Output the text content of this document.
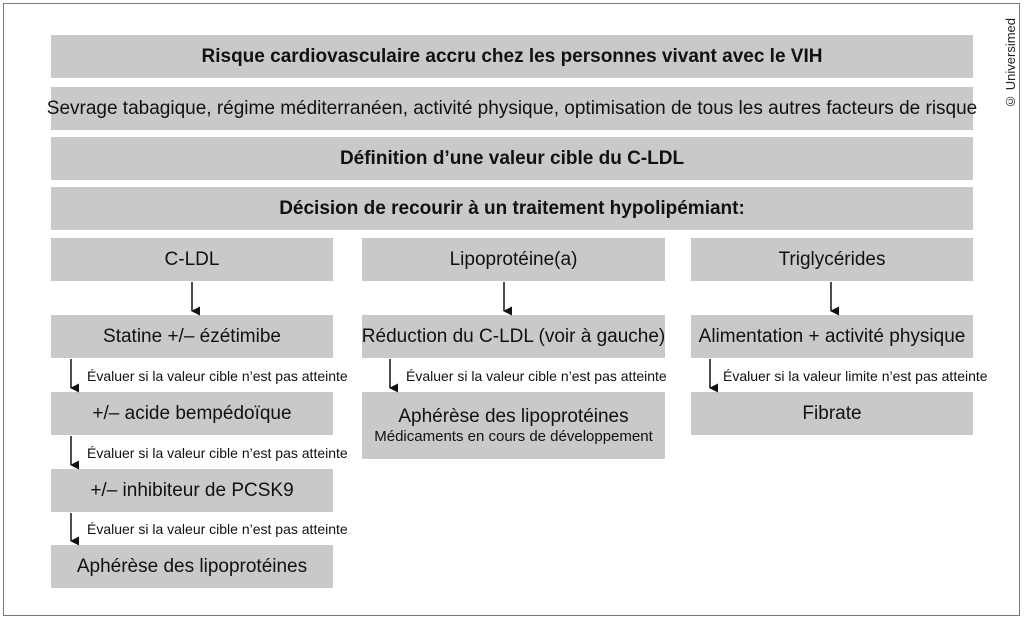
© Universimed
Risque cardiovasculaire accru chez les personnes vivant avec le VIH
Sevrage tabagique, régime méditerranéen, activité physique, optimisation de tous les autres facteurs de risque
Définition d’une valeur cible du C-LDL
Décision de recourir à un traitement hypolipémiant:
C-LDL	Lipoprotéine(a)	Triglycérides
Statine +/– ézétimibe
Évaluer si la valeur cible n’est pas atteinte
+/– acide bempédoïque
Évaluer si la valeur cible n’est pas atteinte
+/– inhibiteur de PCSK9
Évaluer si la valeur cible n’est pas atteinte
Aphérèse des lipoprotéines
Réduction du C-LDL (voir à gauche)
Évaluer si la valeur cible n’est pas atteinte
Aphérèse des lipoprotéines
Médicaments en cours de développement
Alimentation + activité physique
Évaluer si la valeur limite n’est pas atteinte
Fibrate
